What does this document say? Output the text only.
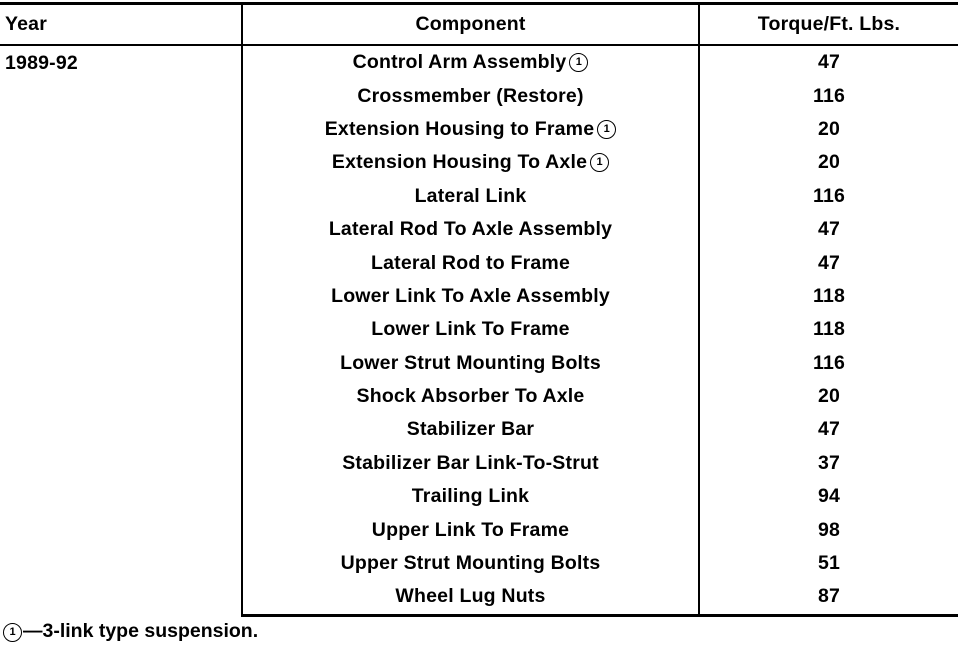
Year	Component	Torque/Ft. Lbs.
1989-92	Control Arm Assembly 1	47
	Crossmember (Restore)	116
	Extension Housing to Frame 1	20
	Extension Housing To Axle 1	20
	Lateral Link	116
	Lateral Rod To Axle Assembly	47
	Lateral Rod to Frame	47
	Lower Link To Axle Assembly	118
	Lower Link To Frame	118
	Lower Strut Mounting Bolts	116
	Shock Absorber To Axle	20
	Stabilizer Bar	47
	Stabilizer Bar Link-To-Strut	37
	Trailing Link	94
	Upper Link To Frame	98
	Upper Strut Mounting Bolts	51
	Wheel Lug Nuts	87
1 —3-link type suspension.
